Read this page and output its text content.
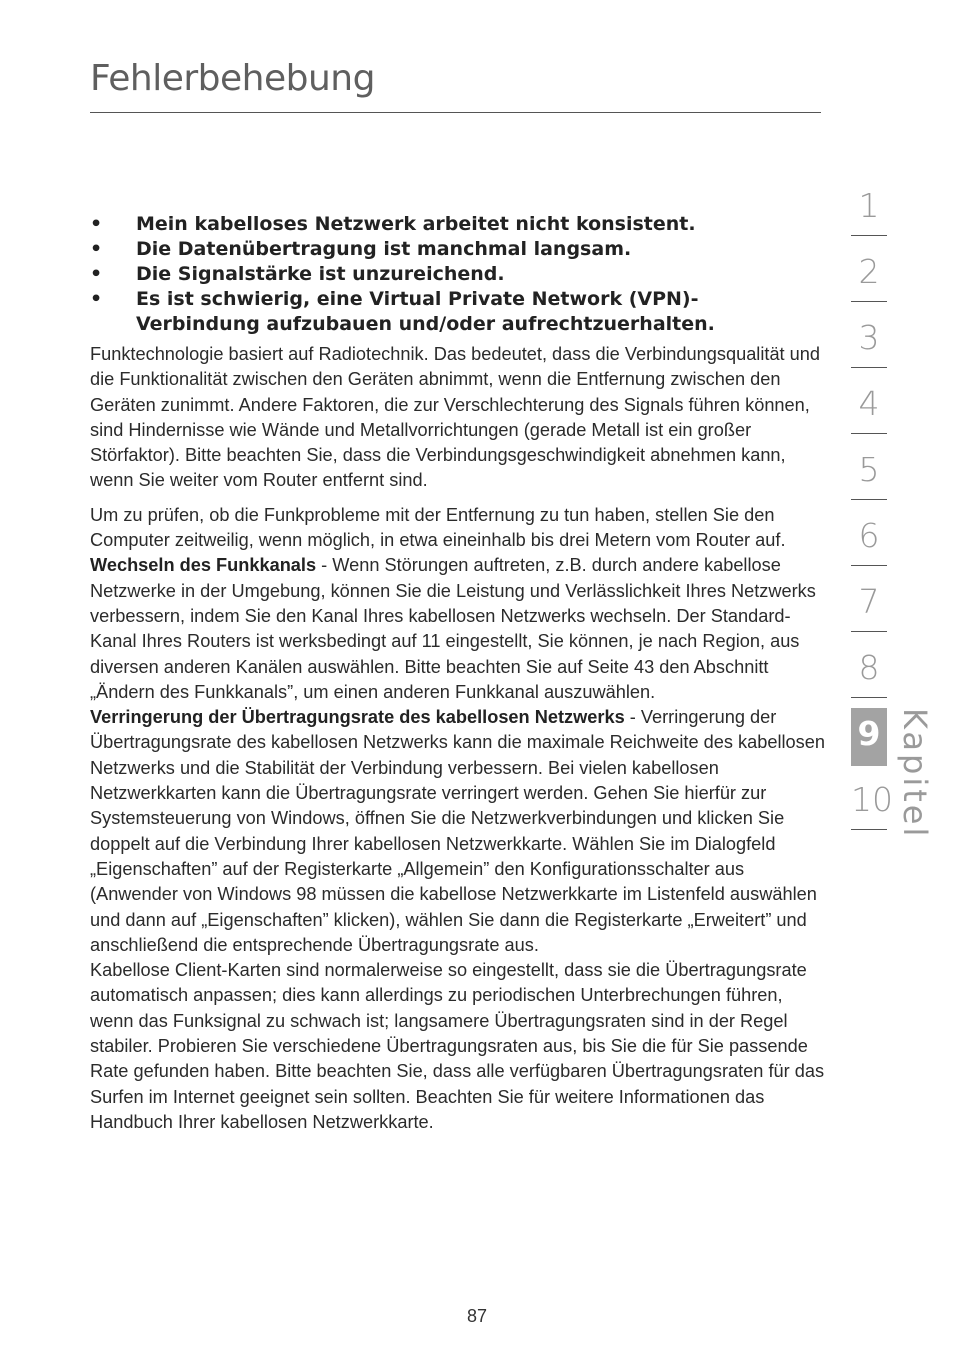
Fehlerbehebung
• Mein kabelloses Netzwerk arbeitet nicht konsistent.
• Die Datenübertragung ist manchmal langsam.
• Die Signalstärke ist unzureichend.
• Es ist schwierig, eine Virtual Private Network (VPN)-Verbindung aufzubauen und/oder aufrechtzuerhalten.

Funktechnologie basiert auf Radiotechnik. Das bedeutet, dass die Verbindungsqualität und die Funktionalität zwischen den Geräten abnimmt, wenn die Entfernung zwischen den Geräten zunimmt. Andere Faktoren, die zur Verschlechterung des Signals führen können, sind Hindernisse wie Wände und Metallvorrichtungen (gerade Metall ist ein großer Störfaktor). Bitte beachten Sie, dass die Verbindungsgeschwindigkeit abnehmen kann, wenn Sie weiter vom Router entfernt sind.

Um zu prüfen, ob die Funkprobleme mit der Entfernung zu tun haben, stellen Sie den Computer zeitweilig, wenn möglich, in etwa eineinhalb bis drei Metern vom Router auf.

Wechseln des Funkkanals - Wenn Störungen auftreten, z.B. durch andere kabellose Netzwerke in der Umgebung, können Sie die Leistung und Verlässlichkeit Ihres Netzwerks verbessern, indem Sie den Kanal Ihres kabellosen Netzwerks wechseln. Der Standard-Kanal Ihres Routers ist werksbedingt auf 11 eingestellt, Sie können, je nach Region, aus diversen anderen Kanälen auswählen. Bitte beachten Sie auf Seite 43 den Abschnitt „Ändern des Funkkanals”, um einen anderen Funkkanal auszuwählen.

Verringerung der Übertragungsrate des kabellosen Netzwerks - Verringerung der Übertragungsrate des kabellosen Netzwerks kann die maximale Reichweite des kabellosen Netzwerks und die Stabilität der Verbindung verbessern. Bei vielen kabellosen Netzwerkkarten kann die Übertragungsrate verringert werden. Gehen Sie hierfür zur Systemsteuerung von Windows, öffnen Sie die Netzwerkverbindungen und klicken Sie doppelt auf die Verbindung Ihrer kabellosen Netzwerkkarte. Wählen Sie im Dialogfeld „Eigenschaften” auf der Registerkarte „Allgemein” den Konfigurationsschalter aus (Anwender von Windows 98 müssen die kabellose Netzwerkkarte im Listenfeld auswählen und dann auf „Eigenschaften” klicken), wählen Sie dann die Registerkarte „Erweitert” und anschließend die entsprechende Übertragungsrate aus.

Kabellose Client-Karten sind normalerweise so eingestellt, dass sie die Übertragungsrate automatisch anpassen; dies kann allerdings zu periodischen Unterbrechungen führen, wenn das Funksignal zu schwach ist; langsamere Übertragungsraten sind in der Regel stabiler. Probieren Sie verschiedene Übertragungsraten aus, bis Sie die für Sie passende Rate gefunden haben. Bitte beachten Sie, dass alle verfügbaren Übertragungsraten für das Surfen im Internet geeignet sein sollten. Beachten Sie für weitere Informationen das Handbuch Ihrer kabellosen Netzwerkkarte.

1
2
3
4
5
6
7
8
9
10 Kapitel
87
